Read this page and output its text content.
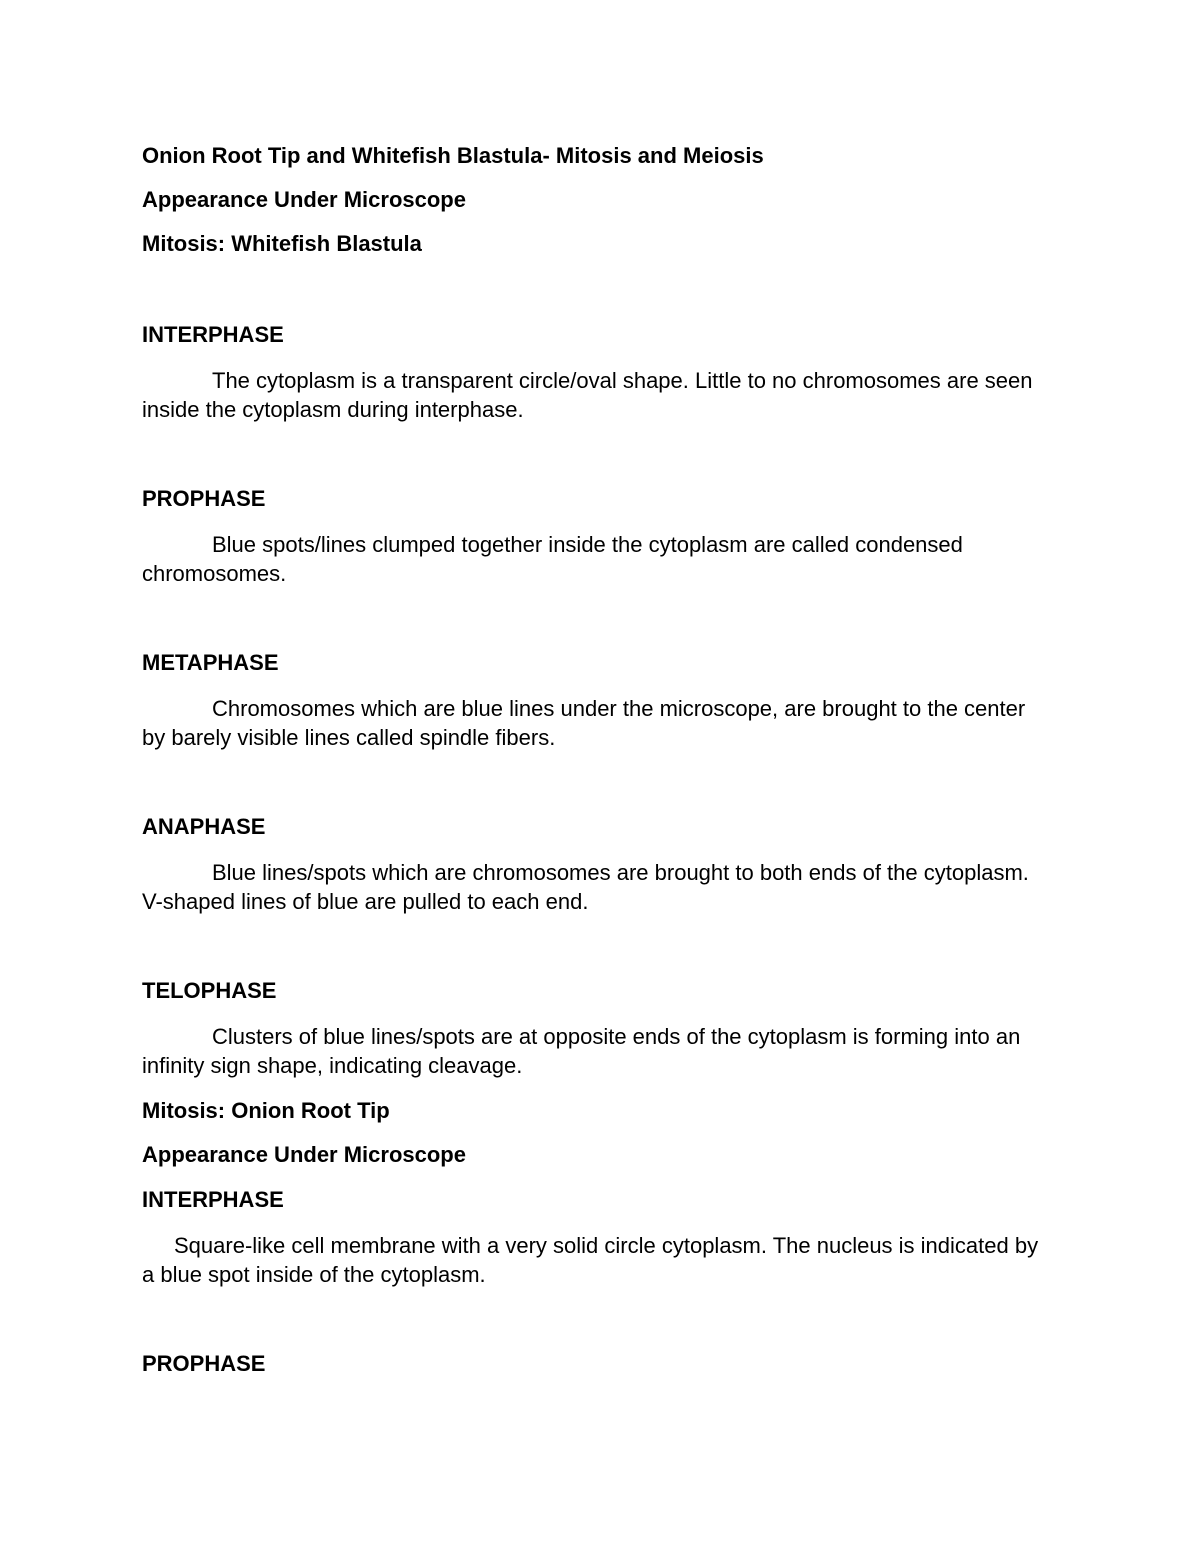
Onion Root Tip and Whitefish Blastula- Mitosis and Meiosis

Appearance Under Microscope

Mitosis: Whitefish Blastula

INTERPHASE

The cytoplasm is a transparent circle/oval shape. Little to no chromosomes are seen inside the cytoplasm during interphase.

PROPHASE

Blue spots/lines clumped together inside the cytoplasm are called condensed chromosomes.

METAPHASE

Chromosomes which are blue lines under the microscope, are brought to the center by barely visible lines called spindle fibers.

ANAPHASE

Blue lines/spots which are chromosomes are brought to both ends of the cytoplasm. V-shaped lines of blue are pulled to each end.

TELOPHASE

Clusters of blue lines/spots are at opposite ends of the cytoplasm is forming into an infinity sign shape, indicating cleavage.

Mitosis: Onion Root Tip

Appearance Under Microscope

INTERPHASE

Square-like cell membrane with a very solid circle cytoplasm. The nucleus is indicated by a blue spot inside of the cytoplasm.

PROPHASE
